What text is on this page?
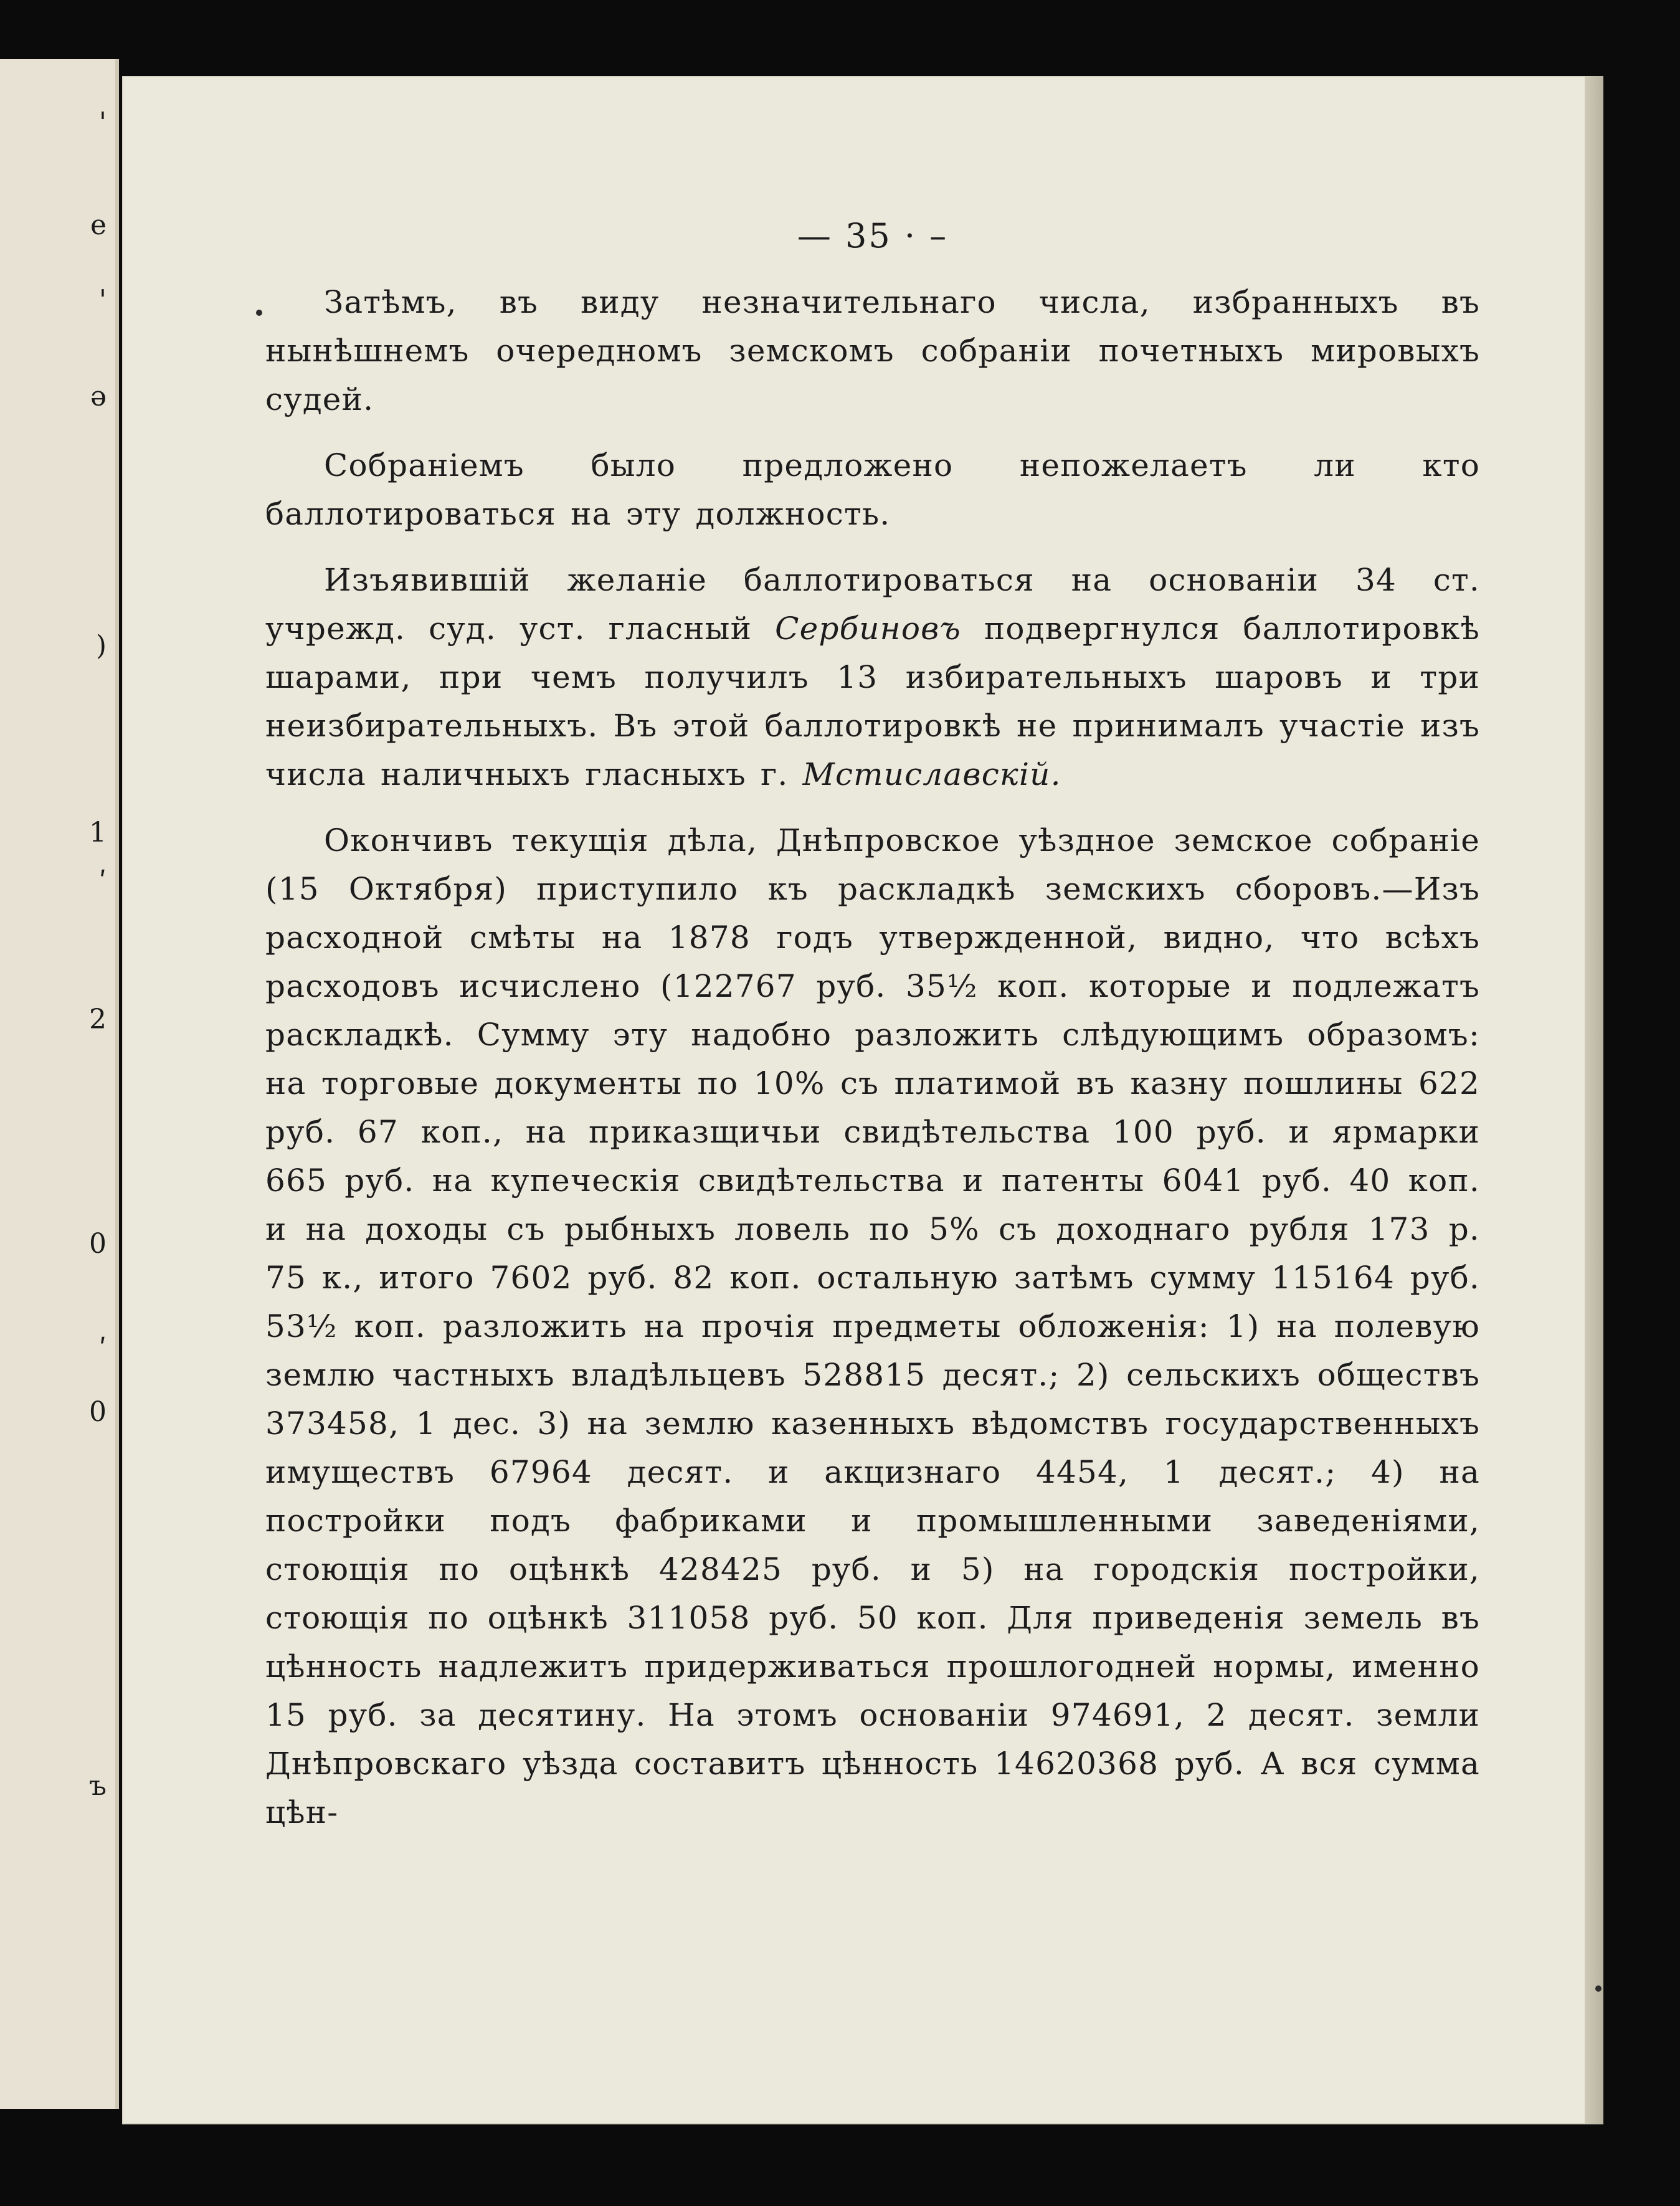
'
e
'
ǝ
)
1
ʹ
2
0
ʹ
0
ъ
— 35 · –

Затѣмъ, въ виду незначительнаго числа, избранныхъ въ нынѣшнемъ очередномъ земскомъ собраніи почетныхъ мировыхъ судей.

Собраніемъ было предложено непожелаетъ ли кто баллотироваться на эту должность.

Изъявившій желаніе баллотироваться на основаніи 34 ст. учрежд. суд. уст. гласный Сербиновъ подвергнулся баллотировкѣ шарами, при чемъ получилъ 13 избирательныхъ шаровъ и три неизбирательныхъ. Въ этой баллотировкѣ не принималъ участіе изъ числа наличныхъ гласныхъ г. Мстиславскій.

Окончивъ текущія дѣла, Днѣпровское уѣздное земское собраніе (15 Октября) приступило къ раскладкѣ земскихъ сборовъ.—Изъ расходной смѣты на 1878 годъ утвержденной, видно, что всѣхъ расходовъ исчислено (122767 руб. 35½ коп. которые и подлежатъ раскладкѣ. Сумму эту надобно разложить слѣдующимъ образомъ: на торговые документы по 10% съ платимой въ казну пошлины 622 руб. 67 коп., на приказщичьи свидѣтельства 100 руб. и ярмарки 665 руб. на купеческія свидѣтельства и патенты 6041 руб. 40 коп. и на доходы съ рыбныхъ ловель по 5% съ доходнаго рубля 173 р. 75 к., итого 7602 руб. 82 коп. остальную затѣмъ сумму 115164 руб. 53½ коп. разложить на прочія предметы обложенія: 1) на полевую землю частныхъ владѣльцевъ 528815 десят.; 2) сельскихъ обществъ 373458, 1 дес. 3) на землю казенныхъ вѣдомствъ государственныхъ имуществъ 67964 десят. и акцизнаго 4454, 1 десят.; 4) на постройки подъ фабриками и промышленными заведеніями, стоющія по оцѣнкѣ 428425 руб. и 5) на городскія постройки, стоющія по оцѣнкѣ 311058 руб. 50 коп. Для приведенія земель въ цѣнность надлежитъ придерживаться прошлогодней нормы, именно 15 руб. за десятину. На этомъ основаніи 974691, 2 десят. земли Днѣпровскаго уѣзда составитъ цѣнность 14620368 руб. А вся сумма цѣн-
